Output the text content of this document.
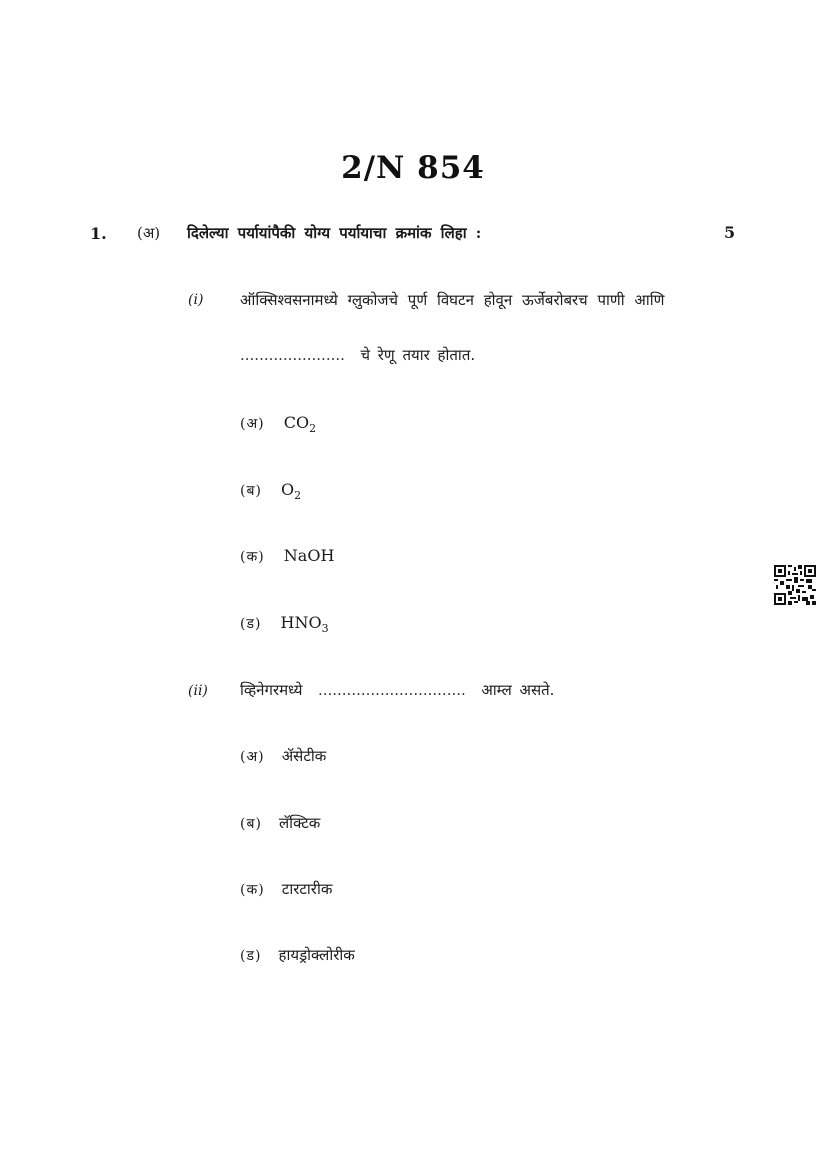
2/N 854
1. (अ) दिलेल्या पर्यायांपैकी योग्य पर्यायाचा क्रमांक लिहा :	5
(i) ऑक्सिश्वसनामध्ये ग्लुकोजचे पूर्ण विघटन होवून ऊर्जेबरोबरच पाणी आणि
...................... चे रेणू तयार होतात.
(अ) $CO_2$
(ब) $O_2$
(क) NaOH
(ड) $HNO_3$
(ii) व्हिनेगरमध्ये ............................... आम्ल असते.
(अ) ॲसेटीक
(ब) लॅक्टिक
(क) टारटारीक
(ड) हायड्रोक्लोरीक
